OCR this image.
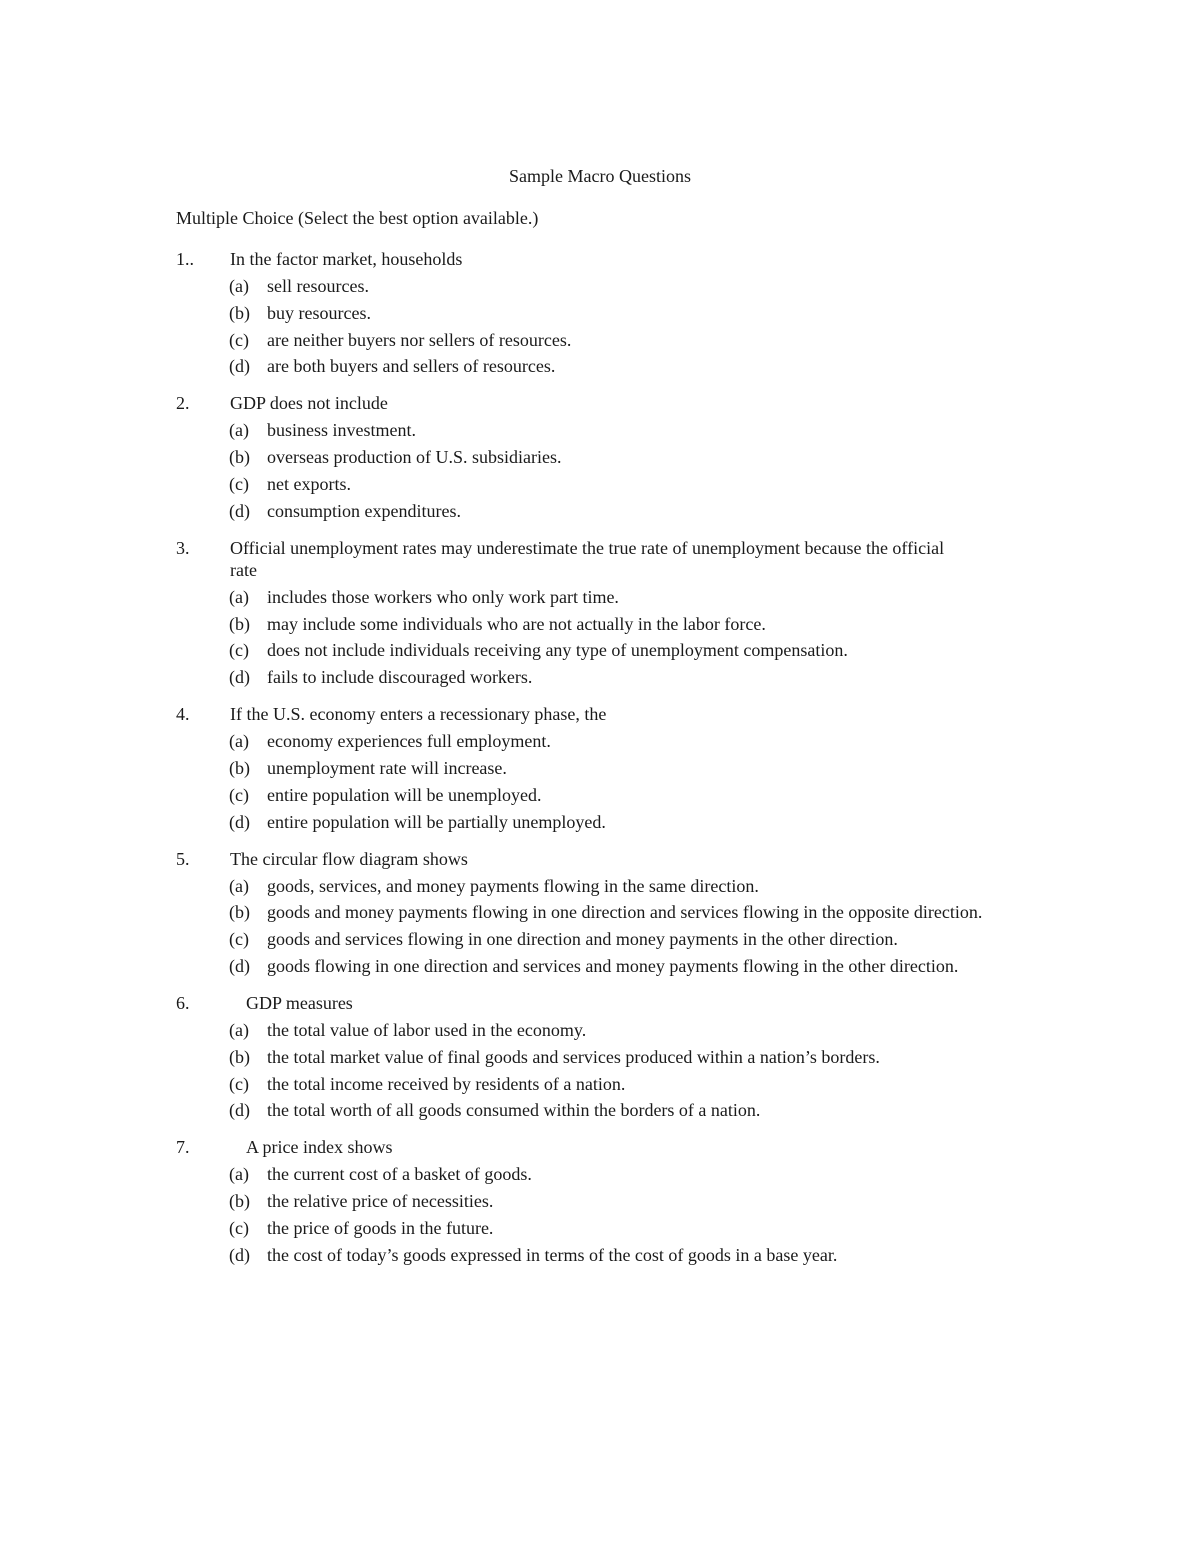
Sample Macro Questions
Multiple Choice (Select the best option available.)
1.. In the factor market, households
(a) sell resources.
(b) buy resources.
(c) are neither buyers nor sellers of resources.
(d) are both buyers and sellers of resources.
2. GDP does not include
(a) business investment.
(b) overseas production of U.S. subsidiaries.
(c) net exports.
(d) consumption expenditures.
3. Official unemployment rates may underestimate the true rate of unemployment because the official rate
(a) includes those workers who only work part time.
(b) may include some individuals who are not actually in the labor force.
(c) does not include individuals receiving any type of unemployment compensation.
(d) fails to include discouraged workers.
4. If the U.S. economy enters a recessionary phase, the
(a) economy experiences full employment.
(b) unemployment rate will increase.
(c) entire population will be unemployed.
(d) entire population will be partially unemployed.
5. The circular flow diagram shows
(a) goods, services, and money payments flowing in the same direction.
(b) goods and money payments flowing in one direction and services flowing in the opposite direction.
(c) goods and services flowing in one direction and money payments in the other direction.
(d) goods flowing in one direction and services and money payments flowing in the other direction.
6.	GDP measures
(a) the total value of labor used in the economy.
(b) the total market value of final goods and services produced within a nation’s borders.
(c) the total income received by residents of a nation.
(d) the total worth of all goods consumed within the borders of a nation.
7.	A price index shows
(a) the current cost of a basket of goods.
(b) the relative price of necessities.
(c) the price of goods in the future.
(d) the cost of today’s goods expressed in terms of the cost of goods in a base year.
